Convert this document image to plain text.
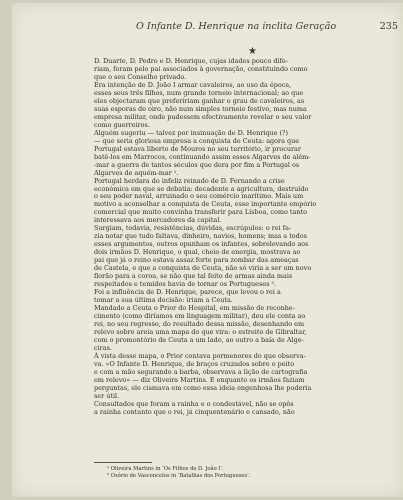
O Infante D. Henrique na ínclita Geração	235
★
D. Duarte, D. Pedro e D. Henrique, cujas idades pouco dife-
riam, foram pelo pai associados à governação, constituindo como
que o seu Conselho privado.
Era intenção de D. João I armar cavaleiros, ao uso da época,
esses seus três filhos, num grande torneio internacional; ao que
eles objectaram que prefeririam ganhar o grau de cavaleiros, as
suas esporas de oiro, não num simples torneio festivo, mas numa
empresa militar, onde pudessem efectivamente revelar o seu valor
como guerreiros.
Alguém sugeriu — talvez por insinuação de D. Henrique (?)
— que seria gloriosa empresa a conquista de Ceuta: agora que
Portugal estava liberto de Mouros no seu território, ir procurar
batê-los em Marrocos, continuando assim esses Algarves de além-
-mar a guerra de tantos séculos que dera por fim a Portugal os
Algarves de aquém-mar ¹.
Portugal herdara do infeliz reinado de D. Fernando a crise
económica em que se debatia: decadente a agricultura, destruído
o seu poder naval, arruinado o seu comércio marítimo. Mais um
motivo a aconselhar a conquista de Ceuta, esse importante empório
comercial que muito convinha transferir para Lisboa, como tanto
interessava aos mercadores da capital.
Surgiam, todavia, resistências, dúvidas, escrúpulos: o rei fa-
zia notar que tudo faltava, dinheiro, navios, homens; mas a todos
esses argumentos, outros opunham os infantes, sobrelevando aos
dois irmãos D. Henrique, o qual, cheio de energia, mostrava ao
pai que já o reino estava assaz forte para zombar das ameaças
de Castela, e que a conquista de Ceuta, não só viria a ser um novo
florão para a coroa, se não que tal feito de armas ainda mais
respeitados e temidos havia de tornar os Portugueses ².
Foi a influência de D. Henrique, parece, que levou o rei a
tomar a sua última decisão: iriam a Ceuta.
Mandado a Ceuta o Prior do Hospital, em missão de reconhe-
cimento (como diríamos em linguagem militar), deu ele conta ao
rei, no seu regresso, do resultado dessa missão, desenhando em
relevo sobre areia uma mapa do que vira: o estreito de Gibraltar,
com o promontório de Ceuta a um lado, ao outro a baía de Alge-
ciras.
À vista desse mapa, o Prior contava pormenores do que observa-
va. «O Infante D. Henrique, de braços cruzados sobre o peito
e com a mão segurando a barba, observava a lição de cartografia
em relevo» — diz Oliveira Martins. E enquanto os irmãos faziam
perguntas, ele cismava em como essa ideia engenhosa lhe poderia
ser útil.
Consultados que foram a rainha e o condestável, não se opôs
a rainha contanto que o rei, já cinquentenário e cansado, não
¹ Oliveira Martins in ‘Os Filhos de D. João I’.
² Osório de Vasconcelos in ‘Batalhas dos Portugueses’.
